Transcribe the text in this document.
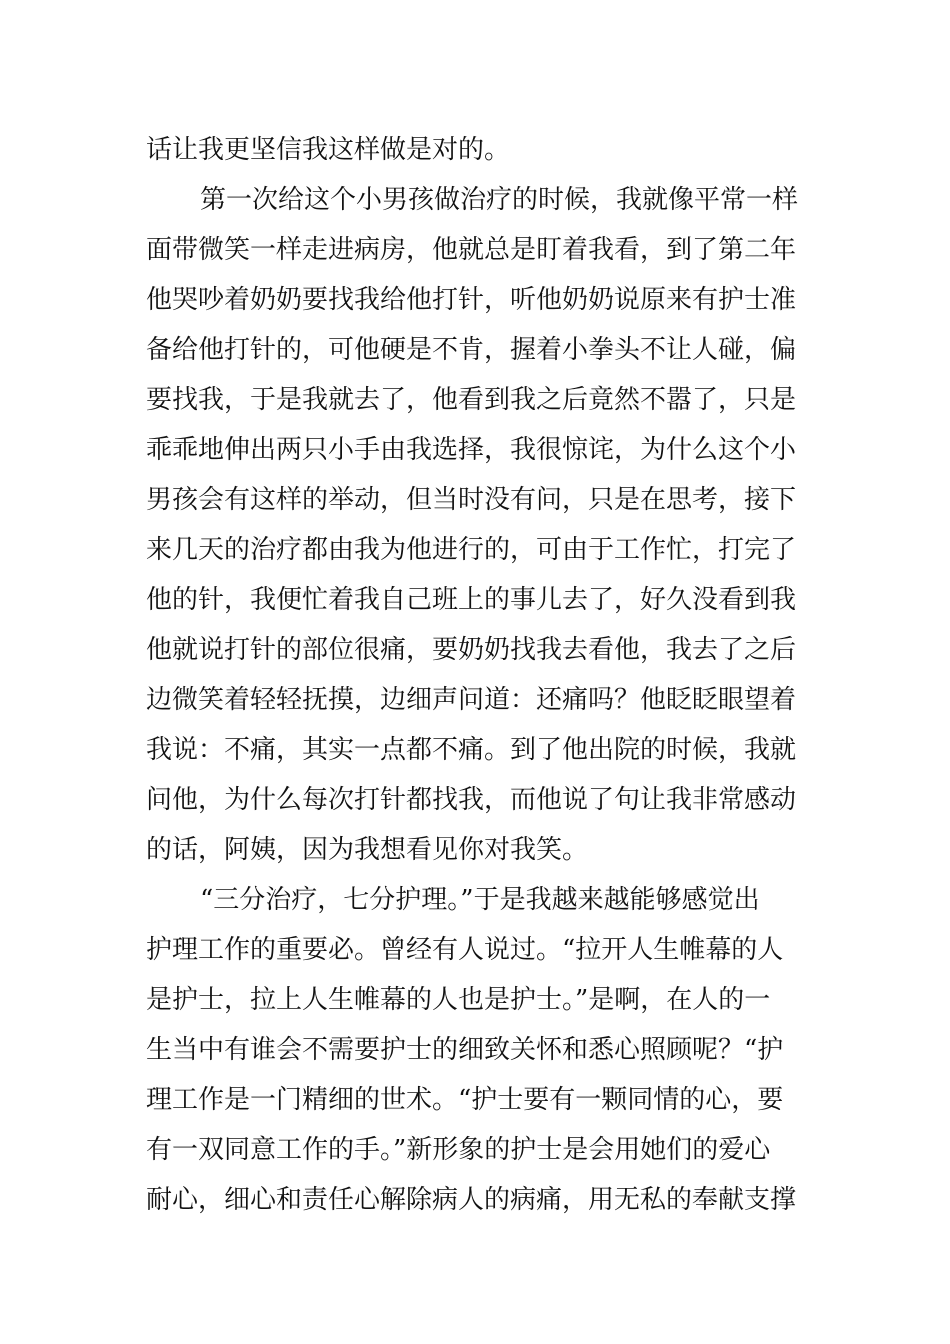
话让我更坚信我这样做是对的。
第一次给这个小男孩做治疗的时候，我就像平常一样
面带微笑一样走进病房，他就总是盯着我看，到了第二年
他哭吵着奶奶要找我给他打针，听他奶奶说原来有护士准
备给他打针的，可他硬是不肯，握着小拳头不让人碰，偏
要找我，于是我就去了，他看到我之后竟然不嚣了，只是
乖乖地伸出两只小手由我选择，我很惊诧，为什么这个小
男孩会有这样的举动，但当时没有问，只是在思考，接下
来几天的治疗都由我为他进行的，可由于工作忙，打完了
他的针，我便忙着我自己班上的事儿去了，好久没看到我
他就说打针的部位很痛，要奶奶找我去看他，我去了之后
边微笑着轻轻抚摸，边细声问道：还痛吗？他眨眨眼望着
我说：不痛，其实一点都不痛。到了他出院的时候，我就
问他，为什么每次打针都找我，而他说了句让我非常感动
的话，阿姨，因为我想看见你对我笑。
“三分治疗，七分护理。”于是我越来越能够感觉出
护理工作的重要必。曾经有人说过。“拉开人生帷幕的人
是护士，拉上人生帷幕的人也是护士。”是啊，在人的一
生当中有谁会不需要护士的细致关怀和悉心照顾呢？“护
理工作是一门精细的世术。“护士要有一颗同情的心，要
有一双同意工作的手。”新形象的护士是会用她们的爱心
耐心，细心和责任心解除病人的病痛，用无私的奉献支撑
